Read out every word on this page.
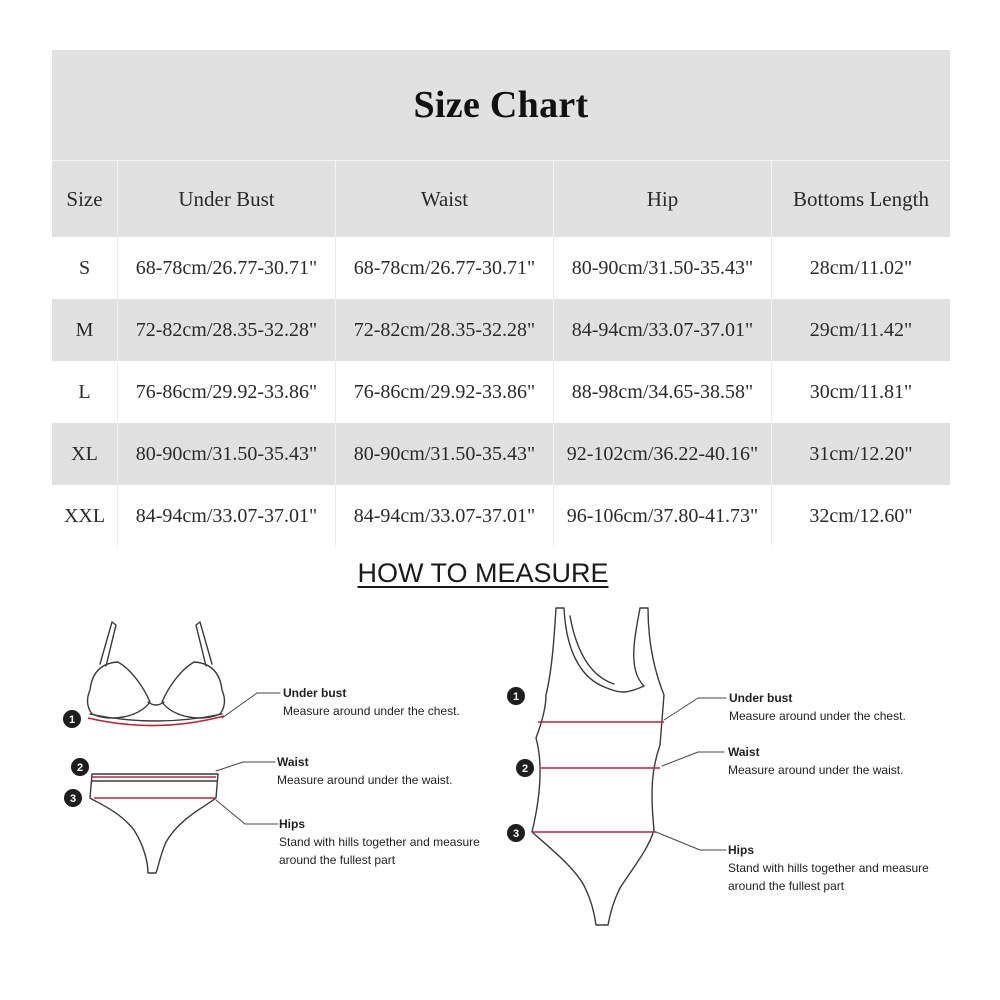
Size Chart
Size	Under Bust	Waist	Hip	Bottoms Length
S	68-78cm/26.77-30.71"	68-78cm/26.77-30.71"	80-90cm/31.50-35.43"	28cm/11.02"
M	72-82cm/28.35-32.28"	72-82cm/28.35-32.28"	84-94cm/33.07-37.01"	29cm/11.42"
L	76-86cm/29.92-33.86"	76-86cm/29.92-33.86"	88-98cm/34.65-38.58"	30cm/11.81"
XL	80-90cm/31.50-35.43"	80-90cm/31.50-35.43"	92-102cm/36.22-40.16"	31cm/12.20"
XXL	84-94cm/33.07-37.01"	84-94cm/33.07-37.01"	96-106cm/37.80-41.73"	32cm/12.60"
HOW TO MEASURE
1
2
3
1
2
3
Under bust
Measure around under the chest.
Waist
Measure around under the waist.
Hips
Stand with hills together and measure
around the fullest part
Under bust
Measure around under the chest.
Waist
Measure around under the waist.
Hips
Stand with hills together and measure
around the fullest part
